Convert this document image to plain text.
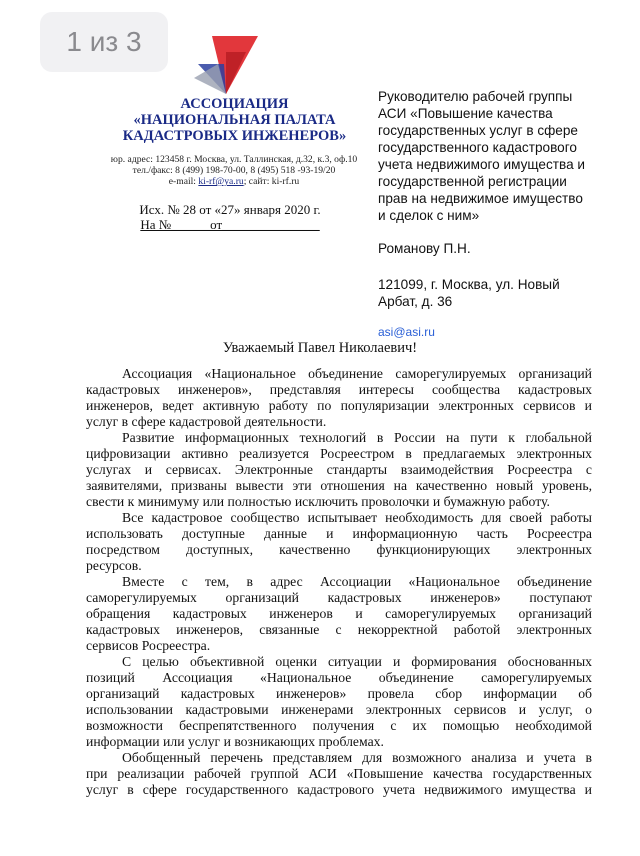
1 из 3
АССОЦИАЦИЯ
«НАЦИОНАЛЬНАЯ ПАЛАТА
КАДАСТРОВЫХ ИНЖЕНЕРОВ»
юр. адрес: 123458 г. Москва, ул. Таллинская, д.32, к.3, оф.10
тел./факс: 8 (499) 198-70-00, 8 (495) 518 -93-19/20
e-mail: ki-rf@ya.ru; сайт: ki-rf.ru
Исх. № 28 от «27» января 2020 г.
На №______от_______________
Руководителю рабочей группы
АСИ «Повышение качества
государственных услуг в сфере
государственного кадастрового
учета недвижимого имущества и
государственной регистрации
прав на недвижимое имущество
и сделок с ним»
Романову П.Н.
121099, г. Москва, ул. Новый
Арбат, д. 36
asi@asi.ru
Уважаемый Павел Николаевич!
Ассоциация «Национальное объединение саморегулируемых организаций
кадастровых инженеров», представляя интересы сообщества кадастровых
инженеров, ведет активную работу по популяризации электронных сервисов и
услуг в сфере кадастровой деятельности.
Развитие информационных технологий в России на пути к глобальной
цифровизации активно реализуется Росреестром в предлагаемых электронных
услугах и сервисах. Электронные стандарты взаимодействия Росреестра с
заявителями, призваны вывести эти отношения на качественно новый уровень,
свести к минимуму или полностью исключить проволочки и бумажную работу.
Все кадастровое сообщество испытывает необходимость для своей работы
использовать доступные данные и информационную часть Росреестра
посредством доступных, качественно функционирующих электронных
ресурсов.
Вместе с тем, в адрес Ассоциации «Национальное объединение
саморегулируемых организаций кадастровых инженеров» поступают
обращения кадастровых инженеров и саморегулируемых организаций
кадастровых инженеров, связанные с некорректной работой электронных
сервисов Росреестра.
С целью объективной оценки ситуации и формирования обоснованных
позиций Ассоциация «Национальное объединение саморегулируемых
организаций кадастровых инженеров» провела сбор информации об
использовании кадастровыми инженерами электронных сервисов и услуг, о
возможности беспрепятственного получения с их помощью необходимой
информации или услуг и возникающих проблемах.
Обобщенный перечень представляем для возможного анализа и учета в
при реализации рабочей группой АСИ «Повышение качества государственных
услуг в сфере государственного кадастрового учета недвижимого имущества и
